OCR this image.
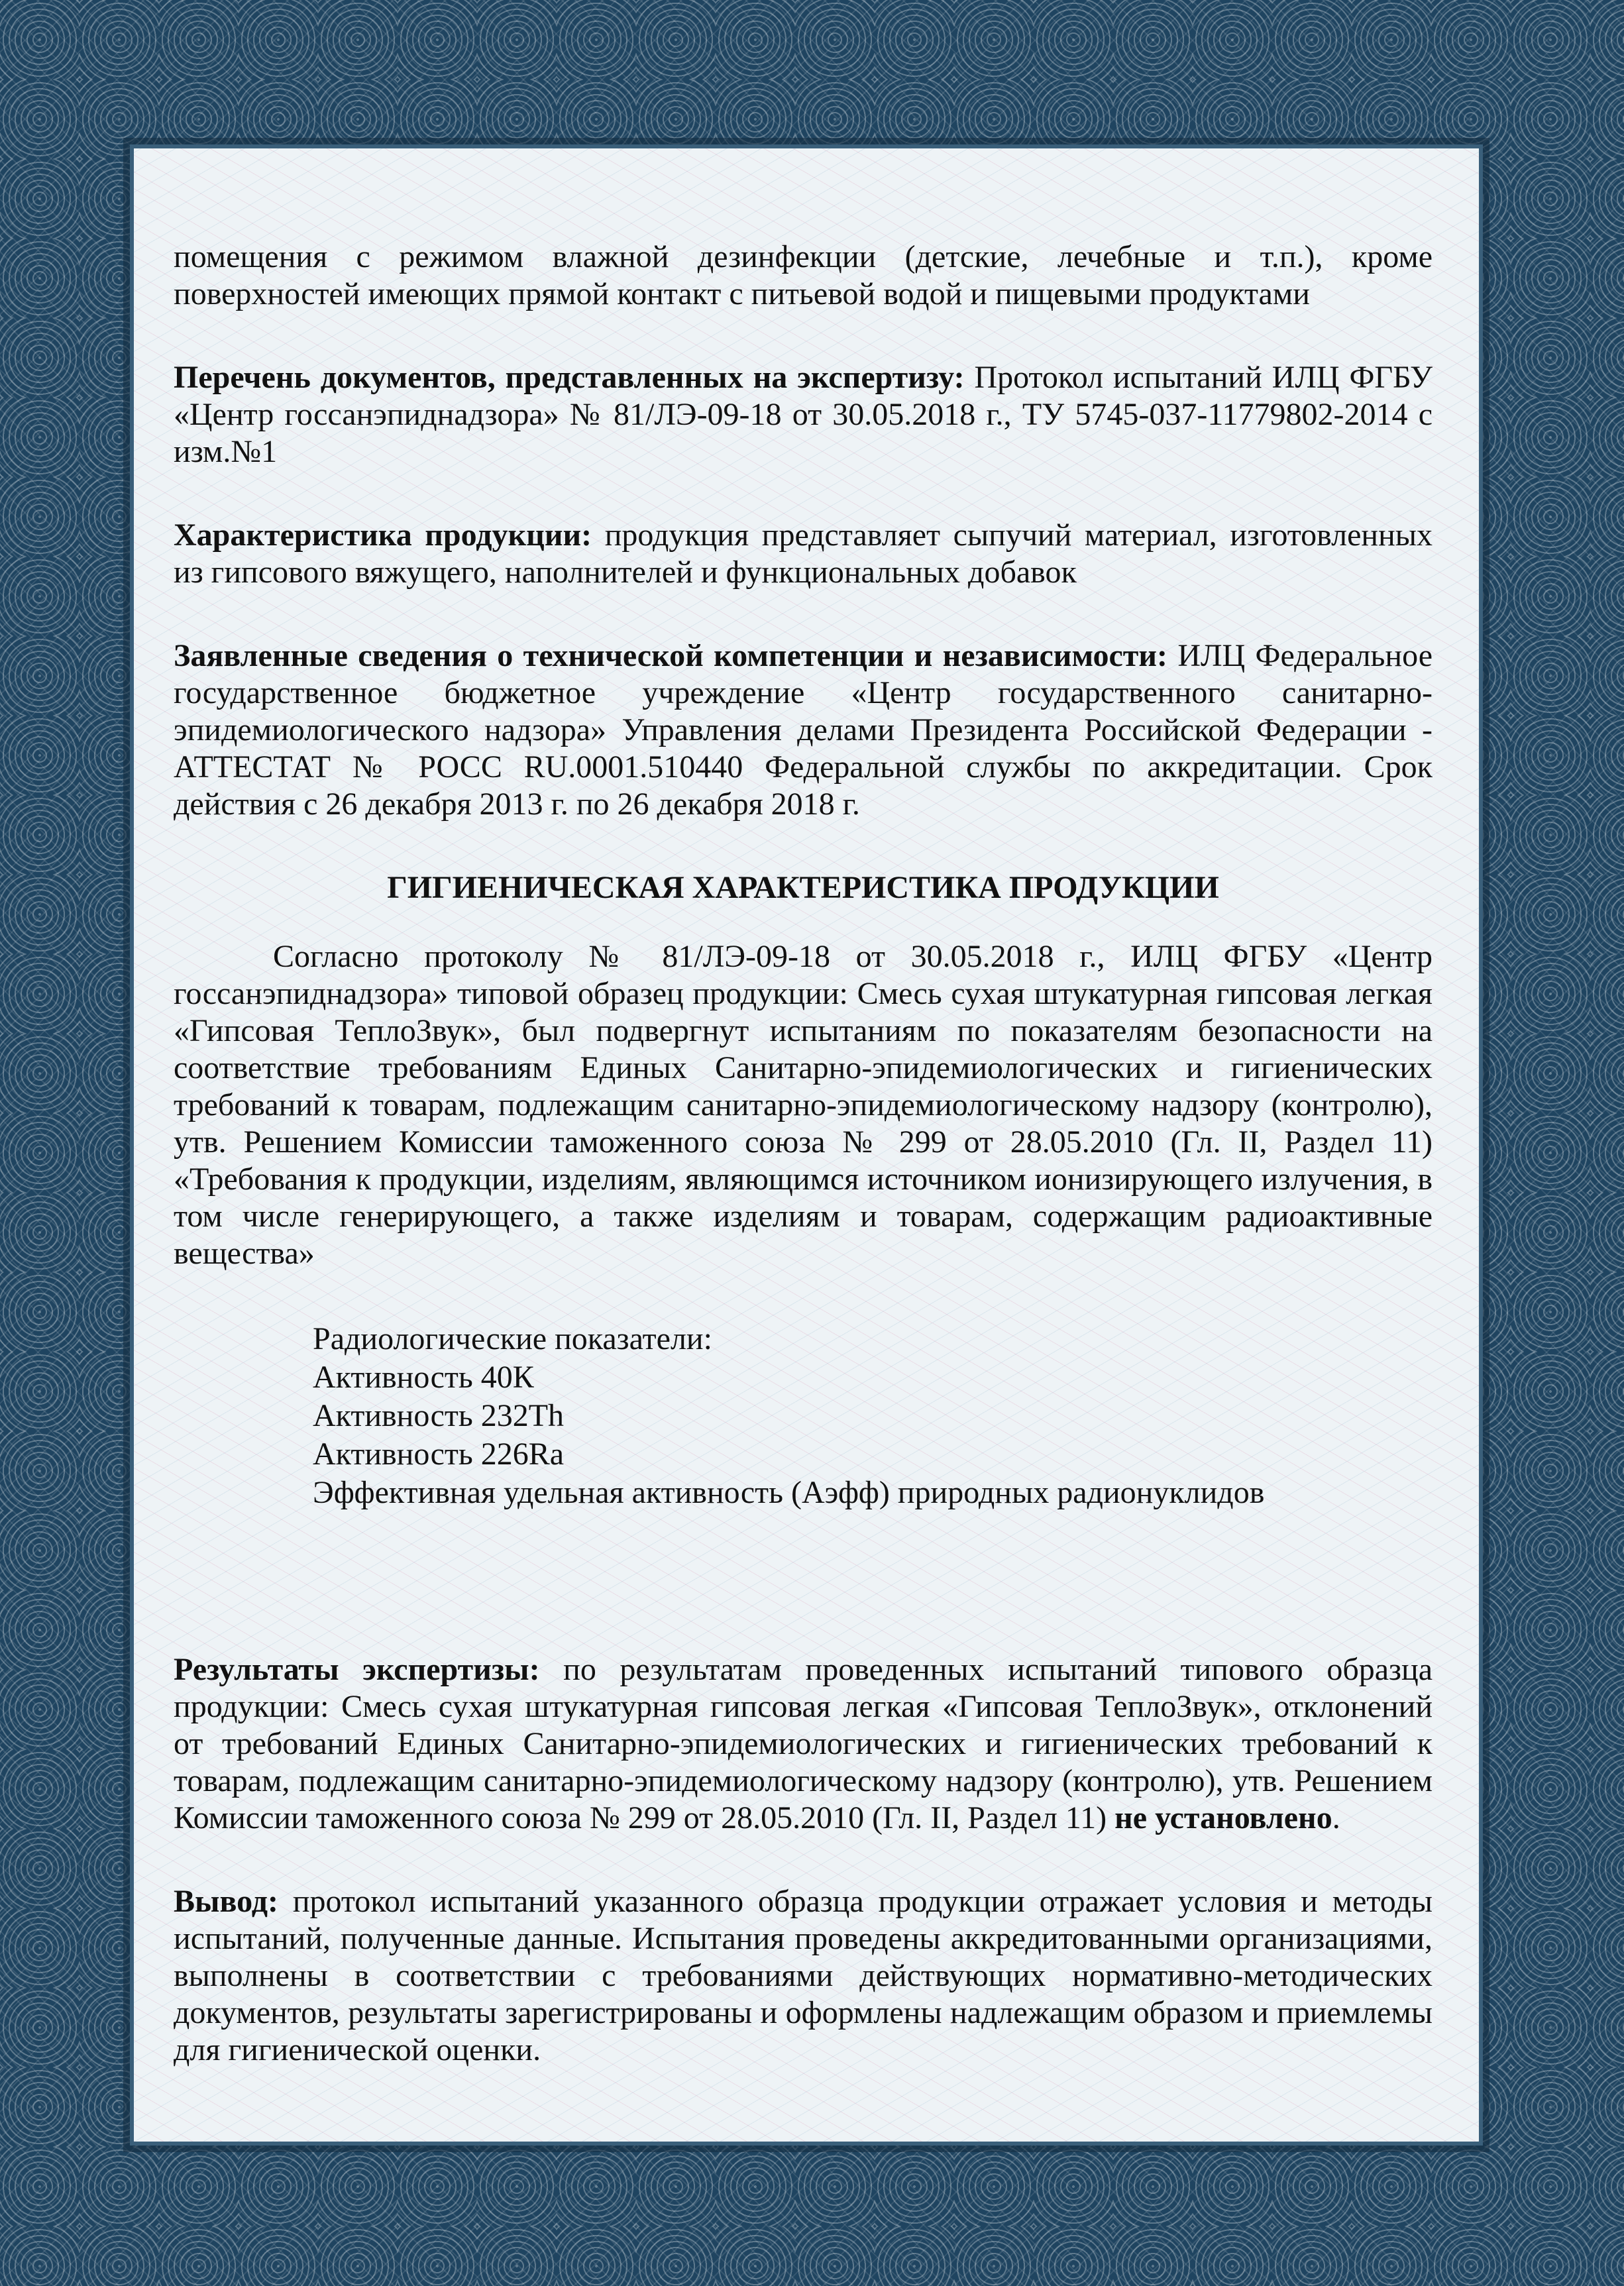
помещения с режимом влажной дезинфекции (детские, лечебные и т.п.), кроме поверхностей имеющих прямой контакт с питьевой водой и пищевыми продуктами

Перечень документов, представленных на экспертизу: Протокол испытаний ИЛЦ ФГБУ «Центр госсанэпиднадзора» № 81/ЛЭ-09-18 от 30.05.2018 г., ТУ 5745-037-11779802-2014 с изм.№1

Характеристика продукции: продукция представляет сыпучий материал, изготовленных из гипсового вяжущего, наполнителей и функциональных добавок

Заявленные сведения о технической компетенции и независимости: ИЛЦ Федеральное государственное бюджетное учреждение «Центр государственного санитарно-эпидемиологического надзора» Управления делами Президента Российской Федерации - АТТЕСТАТ № РОСС RU.0001.510440 Федеральной службы по аккредитации. Срок действия с 26 декабря 2013 г. по 26 декабря 2018 г.

ГИГИЕНИЧЕСКАЯ ХАРАКТЕРИСТИКА ПРОДУКЦИИ

Согласно протоколу № 81/ЛЭ-09-18 от 30.05.2018 г., ИЛЦ ФГБУ «Центр госсанэпиднадзора» типовой образец продукции: Смесь сухая штукатурная гипсовая легкая «Гипсовая ТеплоЗвук», был подвергнут испытаниям по показателям безопасности на соответствие требованиям Единых Санитарно-эпидемиологических и гигиенических требований к товарам, подлежащим санитарно-эпидемиологическому надзору (контролю), утв. Решением Комиссии таможенного союза № 299 от 28.05.2010 (Гл. II, Раздел 11) «Требования к продукции, изделиям, являющимся источником ионизирующего излучения, в том числе генерирующего, а также изделиям и товарам, содержащим радиоактивные вещества»

Радиологические показатели:
Активность 40К
Активность 232Th
Активность 226Ra
Эффективная удельная активность (Аэфф) природных радионуклидов

Результаты экспертизы: по результатам проведенных испытаний типового образца продукции: Смесь сухая штукатурная гипсовая легкая «Гипсовая ТеплоЗвук», отклонений от требований Единых Санитарно-эпидемиологических и гигиенических требований к товарам, подлежащим санитарно-эпидемиологическому надзору (контролю), утв. Решением Комиссии таможенного союза № 299 от 28.05.2010 (Гл. II, Раздел 11) не установлено.

Вывод: протокол испытаний указанного образца продукции отражает условия и методы испытаний, полученные данные. Испытания проведены аккредитованными организациями, выполнены в соответствии с требованиями действующих нормативно-методических документов, результаты зарегистрированы и оформлены надлежащим образом и приемлемы для гигиенической оценки.
